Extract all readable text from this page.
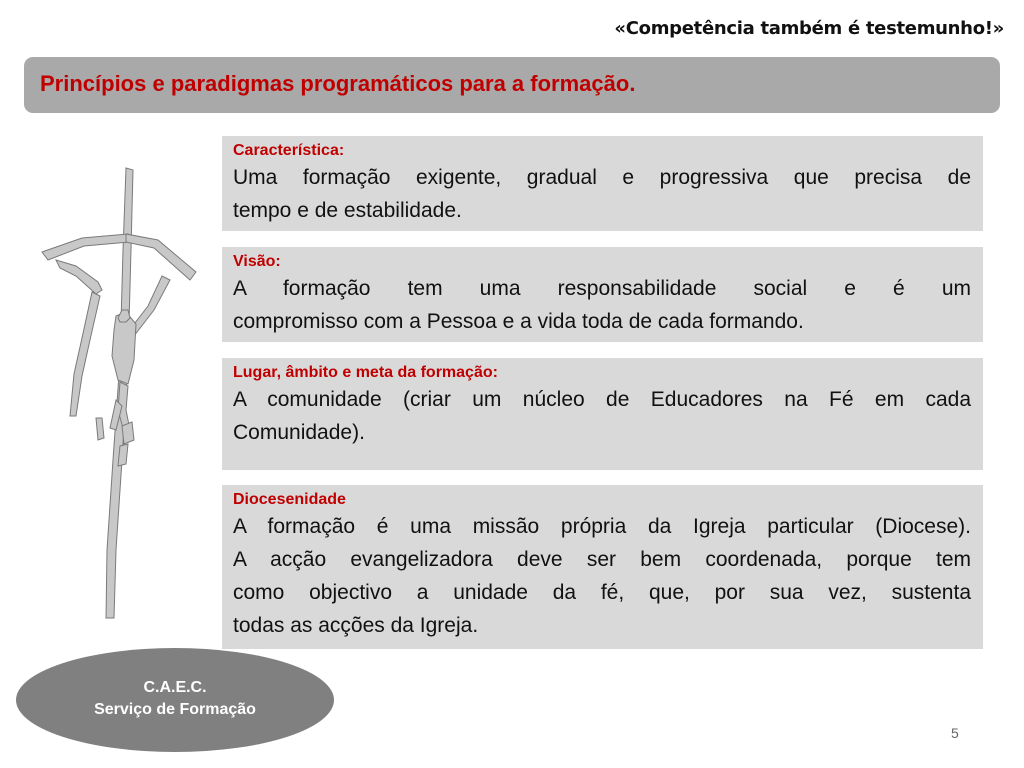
«Competência também é testemunho!»
Princípios e paradigmas programáticos para a formação.
Característica:

Uma formação exigente, gradual e progressiva que precisa de
tempo e de estabilidade.

Visão:

A formação tem uma responsabilidade social e é um
compromisso com a Pessoa e a vida toda de cada formando.

Lugar, âmbito e meta da formação:

A comunidade (criar um núcleo de Educadores na Fé em cada
Comunidade).

Diocesenidade

A formação é uma missão própria da Igreja particular (Diocese).
A acção evangelizadora deve ser bem coordenada, porque tem
como objectivo a unidade da fé, que, por sua vez, sustenta
todas as acções da Igreja.

C.A.E.C.
Serviço de Formação
5
